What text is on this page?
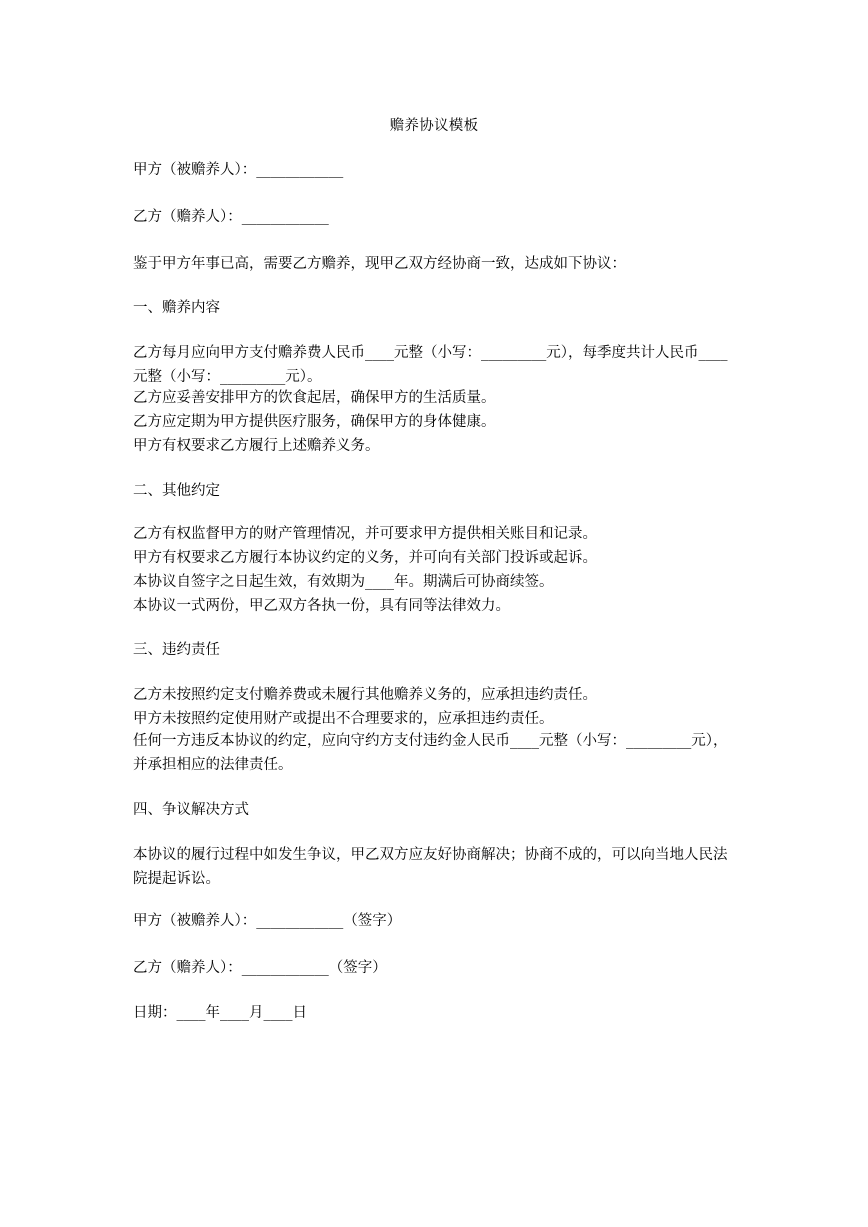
赡养协议模板
甲方（被赡养人）：____________
乙方（赡养人）：____________
鉴于甲方年事已高，需要乙方赡养，现甲乙双方经协商一致，达成如下协议：
一、赡养内容
乙方每月应向甲方支付赡养费人民币____元整（小写：_________元），每季度共计人民币____元整（小写：_________元）。
乙方应妥善安排甲方的饮食起居，确保甲方的生活质量。
乙方应定期为甲方提供医疗服务，确保甲方的身体健康。
甲方有权要求乙方履行上述赡养义务。
二、其他约定
乙方有权监督甲方的财产管理情况，并可要求甲方提供相关账目和记录。
甲方有权要求乙方履行本协议约定的义务，并可向有关部门投诉或起诉。
本协议自签字之日起生效，有效期为____年。期满后可协商续签。
本协议一式两份，甲乙双方各执一份，具有同等法律效力。
三、违约责任
乙方未按照约定支付赡养费或未履行其他赡养义务的，应承担违约责任。
甲方未按照约定使用财产或提出不合理要求的，应承担违约责任。
任何一方违反本协议的约定，应向守约方支付违约金人民币____元整（小写：_________元），并承担相应的法律责任。
四、争议解决方式
本协议的履行过程中如发生争议，甲乙双方应友好协商解决；协商不成的，可以向当地人民法院提起诉讼。
甲方（被赡养人）：____________（签字）
乙方（赡养人）：____________（签字）
日期：____年____月____日
